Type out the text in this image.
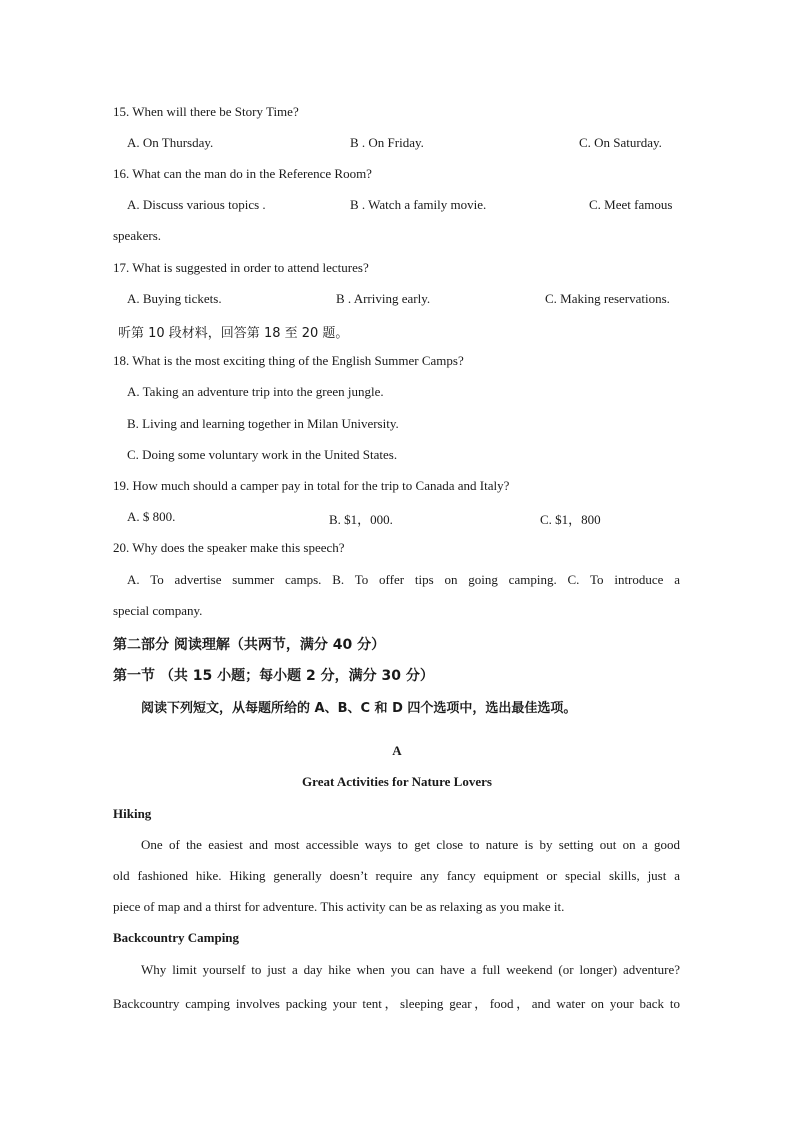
15. When will there be Story Time?
A. On Thursday.	B . On Friday.	C. On Saturday.
16. What can the man do in the Reference Room?
A. Discuss various topics .	B . Watch a family movie.	C. Meet famous
speakers.
17. What is suggested in order to attend lectures?
A. Buying tickets.	B . Arriving early.	C. Making reservations.
听第 10 段材料，回答第 18 至 20 题。
18. What is the most exciting thing of the English Summer Camps?
A. Taking an adventure trip into the green jungle.
B. Living and learning together in Milan University.
C. Doing some voluntary work in the United States.
19. How much should a camper pay in total for the trip to Canada and Italy?
A. $ 800.	B. $1，000.	C. $1，800
20. Why does the speaker make this speech?
A. To advertise summer camps. B. To offer tips on going camping. C. To introduce a
special company.
第二部分 阅读理解（共两节，满分 40 分）
第一节 （共 15 小题；每小题 2 分，满分 30 分）
阅读下列短文，从每题所给的 A、B、C 和 D 四个选项中，选出最佳选项。
A
Great Activities for Nature Lovers
Hiking
One of the easiest and most accessible ways to get close to nature is by setting out on a good
old fashioned hike. Hiking generally doesn’t require any fancy equipment or special skills, just a
piece of map and a thirst for adventure. This activity can be as relaxing as you make it.
Backcountry Camping
Why limit yourself to just a day hike when you can have a full weekend (or longer) adventure?
Backcountry camping involves packing your tent，sleeping gear，food，and water on your back to
